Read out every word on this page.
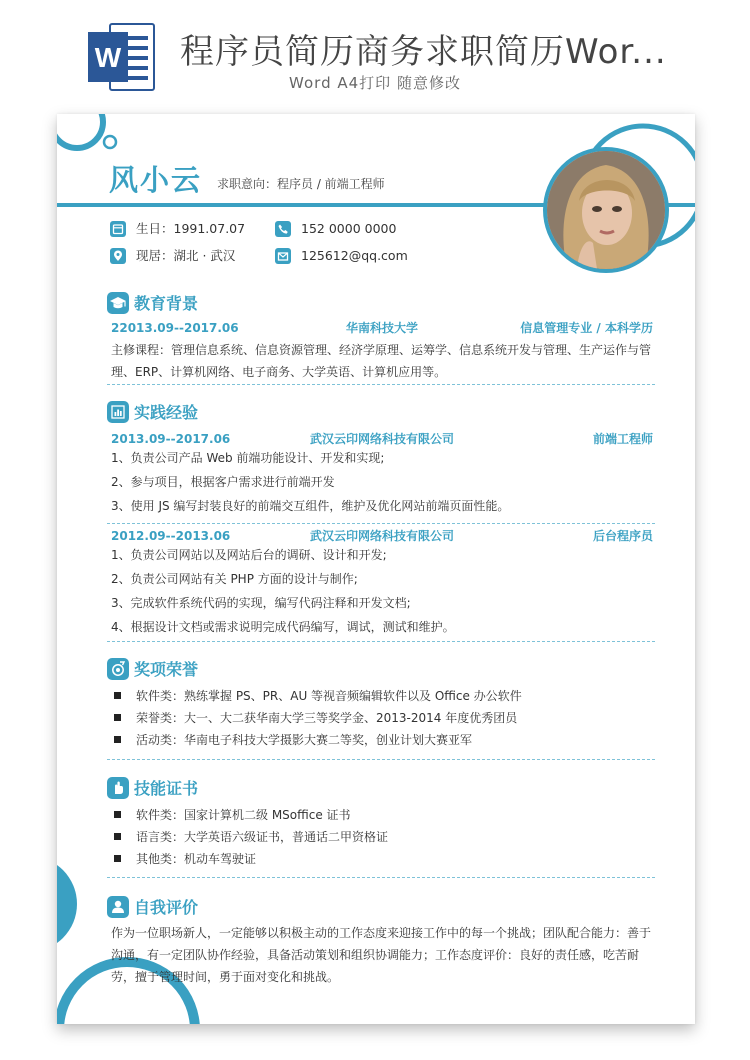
W 程序员简历商务求职简历Wor...
Word A4打印 随意修改
风小云 求职意向：程序员 / 前端工程师
生日：1991.07.07	152 0000 0000
现居：湖北 · 武汉	125612@qq.com
教育背景
22013.09--2017.06	华南科技大学	信息管理专业 / 本科学历
主修课程：管理信息系统、信息资源管理、经济学原理、运筹学、信息系统开发与管理、生产运作与管理、ERP、计算机网络、电子商务、大学英语、计算机应用等。
实践经验
2013.09--2017.06	武汉云印网络科技有限公司	前端工程师
1、负责公司产品 Web 前端功能设计、开发和实现;
2、参与项目，根据客户需求进行前端开发
3、使用 JS 编写封装良好的前端交互组件，维护及优化网站前端页面性能。
2012.09--2013.06	武汉云印网络科技有限公司	后台程序员
1、负责公司网站以及网站后台的调研、设计和开发;
2、负责公司网站有关 PHP 方面的设计与制作;
3、完成软件系统代码的实现，编写代码注释和开发文档;
4、根据设计文档或需求说明完成代码编写，调试，测试和维护。
奖项荣誉
软件类：熟练掌握 PS、PR、AU 等视音频编辑软件以及 Office 办公软件
荣誉类：大一、大二获华南大学三等奖学金、2013-2014 年度优秀团员
活动类：华南电子科技大学摄影大赛二等奖，创业计划大赛亚军
技能证书
软件类：国家计算机二级 MSoffice 证书
语言类：大学英语六级证书，普通话二甲资格证
其他类：机动车驾驶证
自我评价
作为一位职场新人，一定能够以积极主动的工作态度来迎接工作中的每一个挑战；团队配合能力：善于沟通，有一定团队协作经验，具备活动策划和组织协调能力；工作态度评价：良好的责任感，吃苦耐劳，擅于管理时间，勇于面对变化和挑战。
